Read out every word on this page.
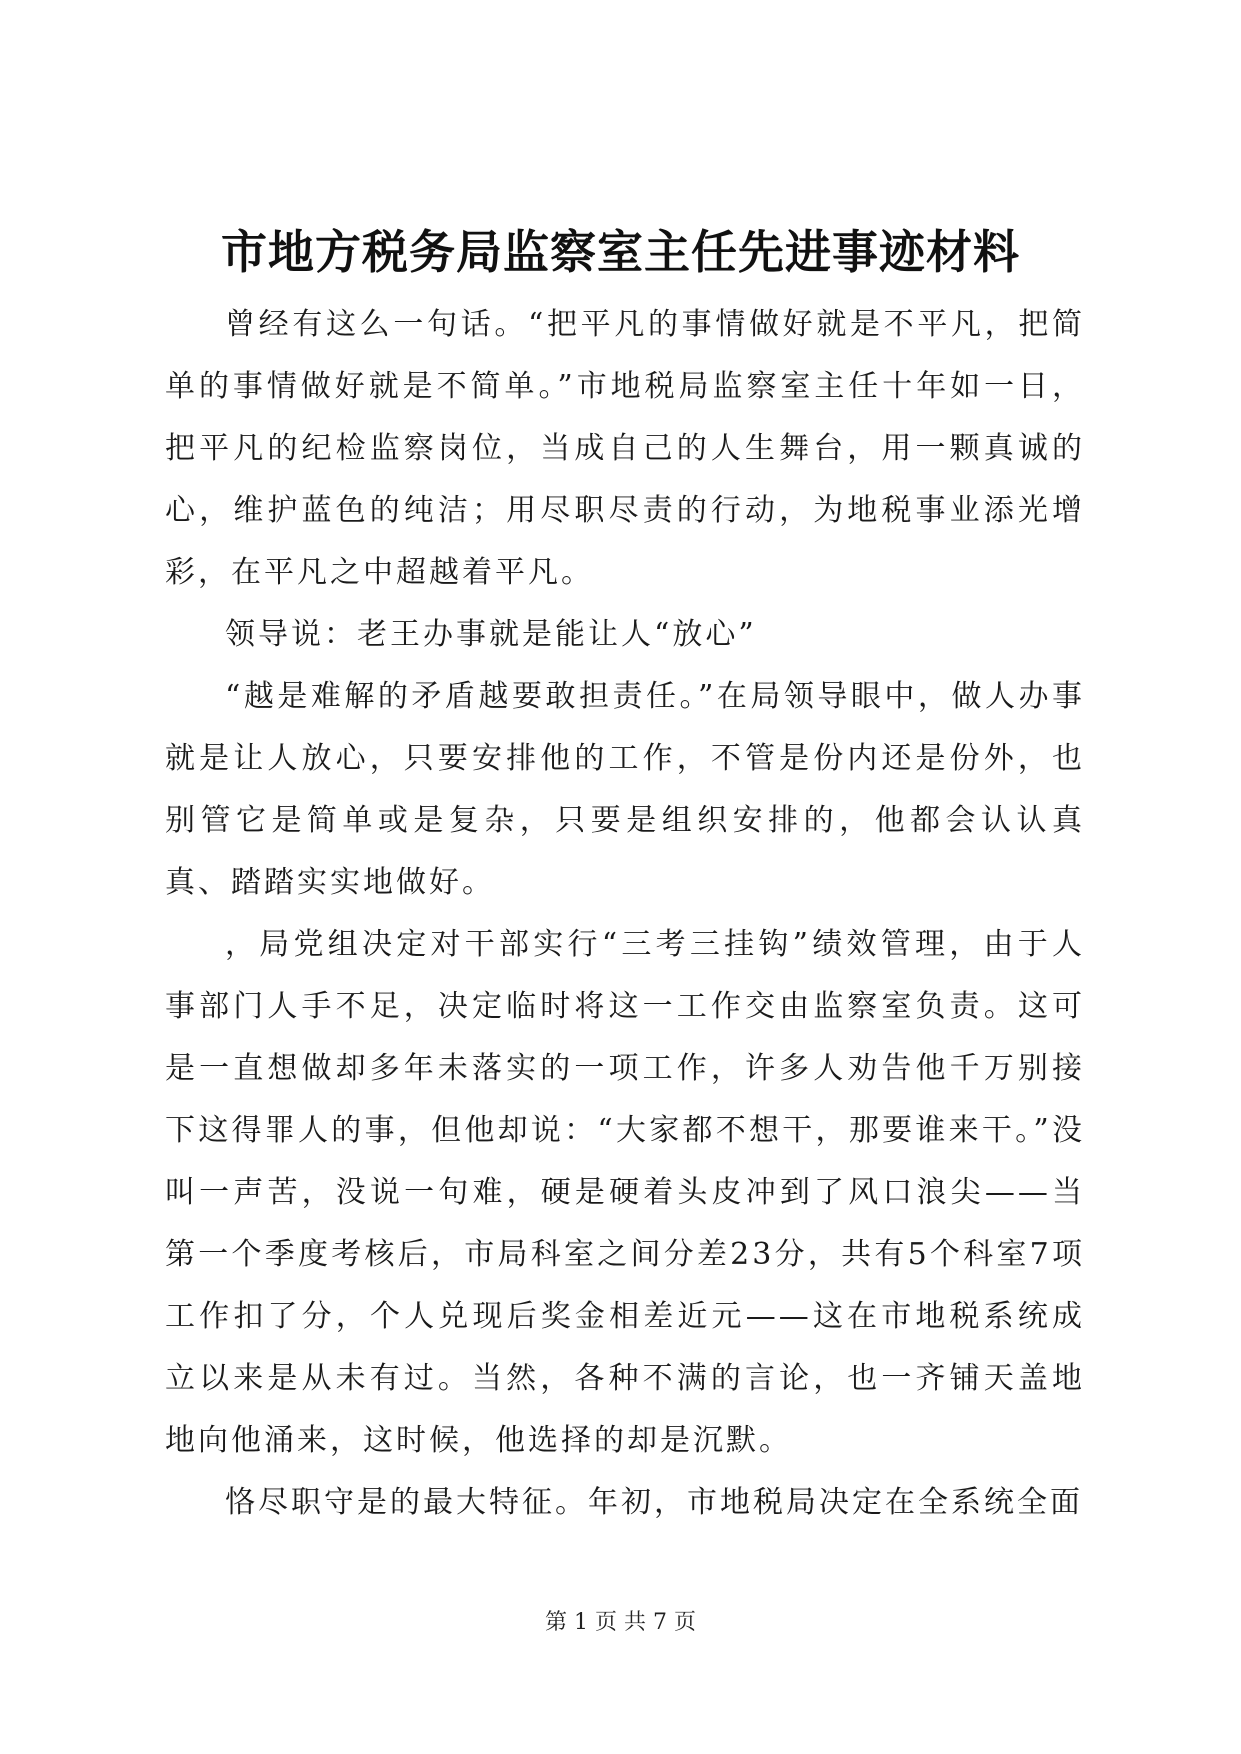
市地方税务局监察室主任先进事迹材料

曾经有这么一句话。“把平凡的事情做好就是不平凡，把简单的事情做好就是不简单。”市地税局监察室主任十年如一日，把平凡的纪检监察岗位，当成自己的人生舞台，用一颗真诚的心，维护蓝色的纯洁；用尽职尽责的行动，为地税事业添光增彩，在平凡之中超越着平凡。

领导说：老王办事就是能让人“放心”

“越是难解的矛盾越要敢担责任。”在局领导眼中，做人办事就是让人放心，只要安排他的工作，不管是份内还是份外，也别管它是简单或是复杂，只要是组织安排的，他都会认认真真、踏踏实实地做好。

，局党组决定对干部实行“三考三挂钩”绩效管理，由于人事部门人手不足，决定临时将这一工作交由监察室负责。这可是一直想做却多年未落实的一项工作，许多人劝告他千万别接下这得罪人的事，但他却说：“大家都不想干，那要谁来干。”没叫一声苦，没说一句难，硬是硬着头皮冲到了风口浪尖——当第一个季度考核后，市局科室之间分差23分，共有5个科室7项工作扣了分，个人兑现后奖金相差近元——这在市地税系统成立以来是从未有过。当然，各种不满的言论，也一齐铺天盖地地向他涌来，这时候，他选择的却是沉默。

恪尽职守是的最大特征。年初，市地税局决定在全系统全面

第 1 页 共 7 页
